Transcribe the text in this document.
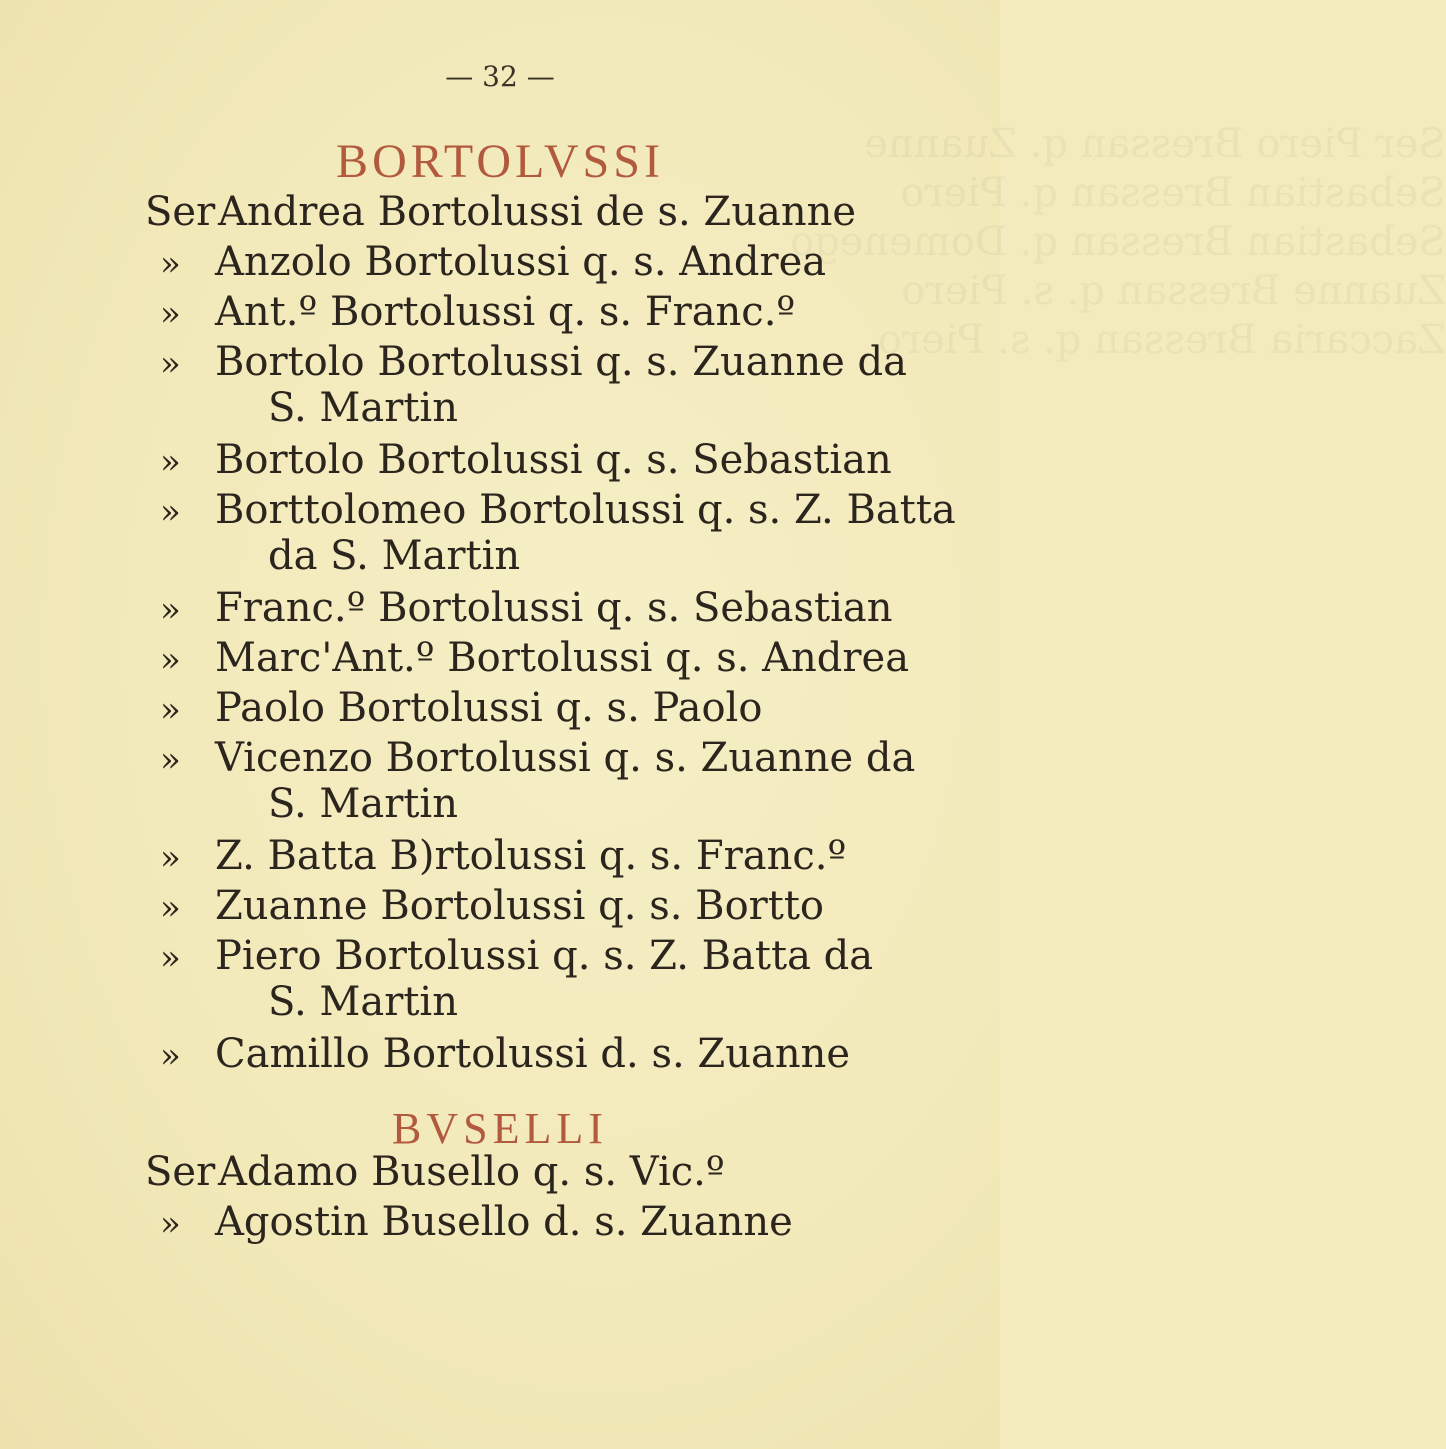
Ser Piero Bressan q. Zuanne
Sebastian Bressan q. Piero
Sebastian Bressan q. Domenego
Zuanne Bressan q. s. Piero
Zaccaria Bressan q. s. Piero
— 32 —
BORTOLVSSI
Ser Andrea Bortolussi de s. Zuanne
» Anzolo Bortolussi q. s. Andrea
» Ant.º Bortolussi q. s. Franc.º
» Bortolo Bortolussi q. s. Zuanne da
S. Martin
» Bortolo Bortolussi q. s. Sebastian
» Borttolomeo Bortolussi q. s. Z. Batta
da S. Martin
» Franc.º Bortolussi q. s. Sebastian
» Marc'Ant.º Bortolussi q. s. Andrea
» Paolo Bortolussi q. s. Paolo
» Vicenzo Bortolussi q. s. Zuanne da
S. Martin
» Z. Batta B)rtolussi q. s. Franc.º
» Zuanne Bortolussi q. s. Bortto
» Piero Bortolussi q. s. Z. Batta da
S. Martin
» Camillo Bortolussi d. s. Zuanne
BVSELLI
Ser Adamo Busello q. s. Vic.º
» Agostin Busello d. s. Zuanne
